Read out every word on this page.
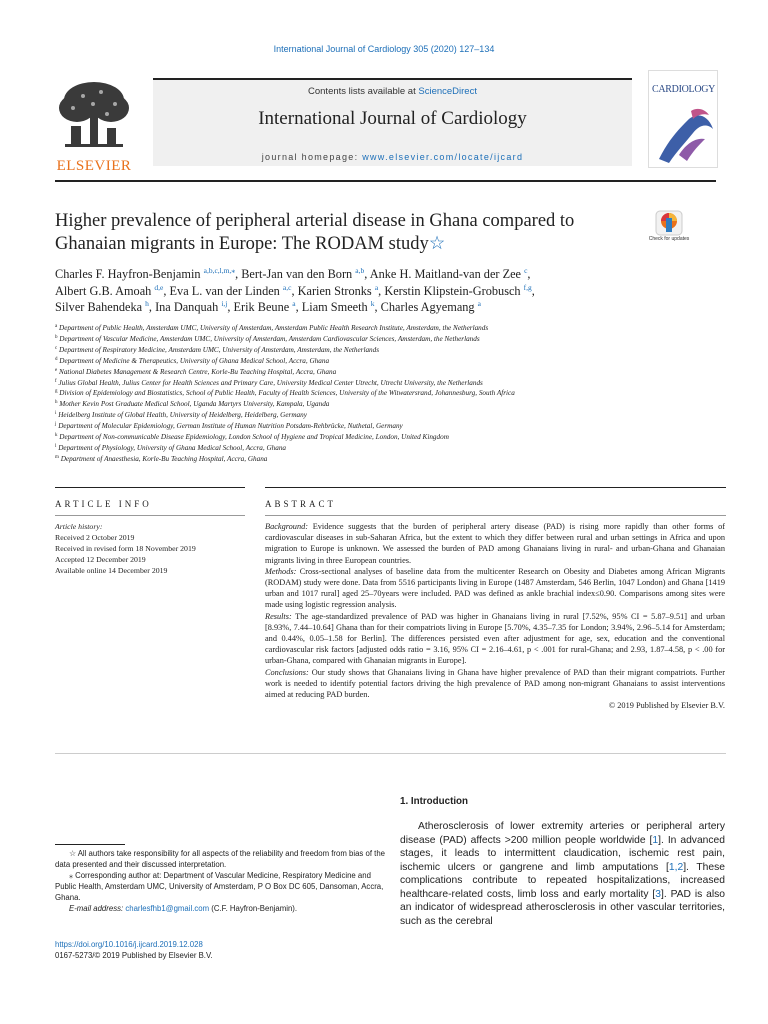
International Journal of Cardiology 305 (2020) 127–134
ELSEVIER
Contents lists available at ScienceDirect
International Journal of Cardiology
journal homepage: www.elsevier.com/locate/ijcard
CARDIOLOGY
Higher prevalence of peripheral arterial disease in Ghana compared to Ghanaian migrants in Europe: The RODAM study☆	Check for updates
Charles F. Hayfron-Benjamin $^{a,b,c,l,m,⁎}$, Bert-Jan van den Born $^{a,b}$, Anke H. Maitland-van der Zee $^c$,
Albert G.B. Amoah $^{d,e}$, Eva L. van der Linden $^{a,c}$, Karien Stronks $^a$, Kerstin Klipstein-Grobusch $^{f,g}$,
Silver Bahendeka $^h$, Ina Danquah $^{i,j}$, Erik Beune $^a$, Liam Smeeth $^k$, Charles Agyemang $^a$
$^a$ Department of Public Health, Amsterdam UMC, University of Amsterdam, Amsterdam Public Health Research Institute, Amsterdam, the Netherlands
$^b$ Department of Vascular Medicine, Amsterdam UMC, University of Amsterdam, Amsterdam Cardiovascular Sciences, Amsterdam, the Netherlands
$^c$ Department of Respiratory Medicine, Amsterdam UMC, University of Amsterdam, Amsterdam, the Netherlands
$^d$ Department of Medicine & Therapeutics, University of Ghana Medical School, Accra, Ghana
$^e$ National Diabetes Management & Research Centre, Korle-Bu Teaching Hospital, Accra, Ghana
$^f$ Julius Global Health, Julius Center for Health Sciences and Primary Care, University Medical Center Utrecht, Utrecht University, the Netherlands
$^g$ Division of Epidemiology and Biostatistics, School of Public Health, Faculty of Health Sciences, University of the Witwatersrand, Johannesburg, South Africa
$^h$ Mother Kevin Post Graduate Medical School, Uganda Martyrs University, Kampala, Uganda
$^i$ Heidelberg Institute of Global Health, University of Heidelberg, Heidelberg, Germany
$^j$ Department of Molecular Epidemiology, German Institute of Human Nutrition Potsdam-Rehbrücke, Nuthetal, Germany
$^k$ Department of Non-communicable Disease Epidemiology, London School of Hygiene and Tropical Medicine, London, United Kingdom
$^l$ Department of Physiology, University of Ghana Medical School, Accra, Ghana
$^m$ Department of Anaesthesia, Korle-Bu Teaching Hospital, Accra, Ghana
ARTICLE INFO	ABSTRACT
Article history:
Received 2 October 2019
Received in revised form 18 November 2019
Accepted 12 December 2019
Available online 14 December 2019

Background: Evidence suggests that the burden of peripheral artery disease (PAD) is rising more rapidly than other forms of cardiovascular diseases in sub-Saharan Africa, but the extent to which they differ between rural and urban settings in Africa and upon migration to Europe is unknown. We assessed the burden of PAD among Ghanaians living in rural- and urban-Ghana and Ghanaian migrants living in three European countries.

Methods: Cross-sectional analyses of baseline data from the multicenter Research on Obesity and Diabetes among African Migrants (RODAM) study were done. Data from 5516 participants living in Europe (1487 Amsterdam, 546 Berlin, 1047 London) and Ghana [1419 urban and 1017 rural] aged 25–70years were included. PAD was defined as ankle brachial index≤0.90. Comparisons among sites were made using logistic regression analysis.

Results: The age-standardized prevalence of PAD was higher in Ghanaians living in rural [7.52%, 95% CI = 5.87–9.51] and urban [8.93%, 7.44–10.64] Ghana than for their compatriots living in Europe [5.70%, 4.35–7.35 for London; 3.94%, 2.96–5.14 for Amsterdam; and 0.44%, 0.05–1.58 for Berlin]. The differences persisted even after adjustment for age, sex, education and the conventional cardiovascular risk factors [adjusted odds ratio = 3.16, 95% CI = 2.16–4.61, p < .001 for rural-Ghana; and 2.93, 1.87–4.58, p < .00 for urban-Ghana, compared with Ghanaian migrants in Europe].

Conclusions: Our study shows that Ghanaians living in Ghana have higher prevalence of PAD than their migrant compatriots. Further work is needed to identify potential factors driving the high prevalence of PAD among non-migrant Ghanaians to assist interventions aimed at reducing PAD burden.

© 2019 Published by Elsevier B.V.

1. Introduction
Atherosclerosis of lower extremity arteries or peripheral artery disease (PAD) affects >200 million people worldwide [1]. In advanced stages, it leads to intermittent claudication, ischemic rest pain, ischemic ulcers or gangrene and limb amputations [1,2]. These complications contribute to repeated hospitalizations, increased healthcare-related costs, limb loss and early mortality [3]. PAD is also an indicator of widespread atherosclerosis in other vascular territories, such as the cerebral

☆ All authors take responsibility for all aspects of the reliability and freedom from bias of the data presented and their discussed interpretation.

⁎ Corresponding author at: Department of Vascular Medicine, Respiratory Medicine and Public Health, Amsterdam UMC, University of Amsterdam, P O Box DC 605, Dansoman, Accra, Ghana.

E-mail address: charlesfhb1@gmail.com (C.F. Hayfron-Benjamin).

https://doi.org/10.1016/j.ijcard.2019.12.028
0167-5273/© 2019 Published by Elsevier B.V.
